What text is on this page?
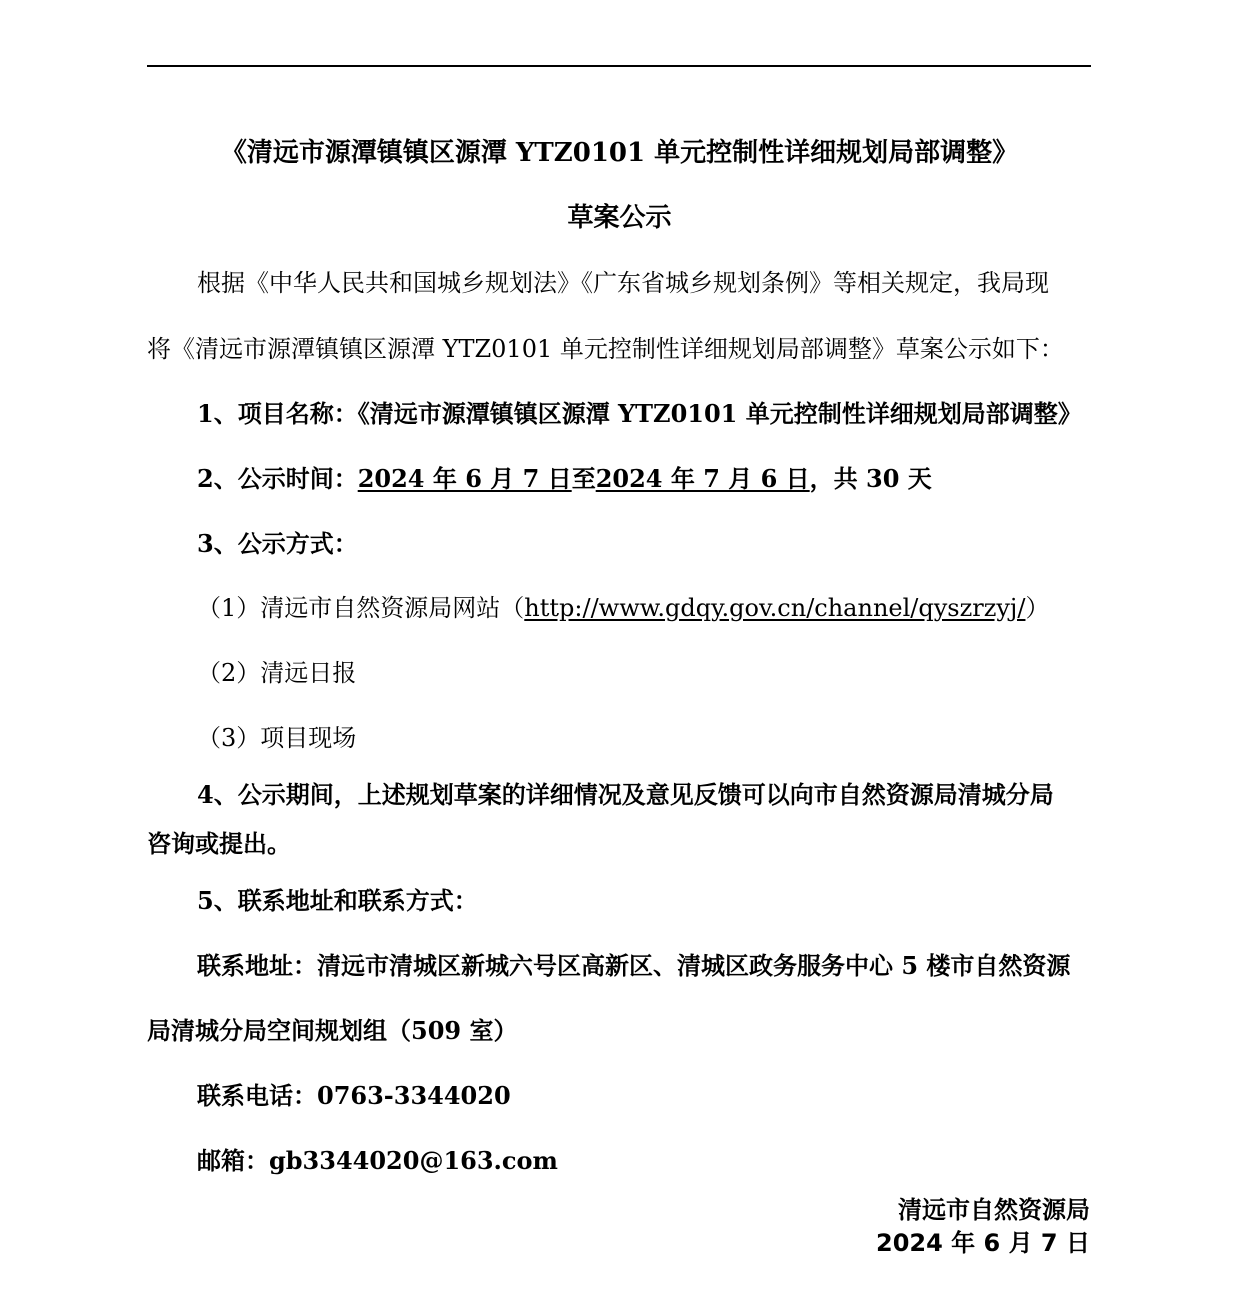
《清远市源潭镇镇区源潭 YTZ0101 单元控制性详细规划局部调整》
草案公示
根据《中华人民共和国城乡规划法》《广东省城乡规划条例》等相关规定，我局现
将《清远市源潭镇镇区源潭 YTZ0101 单元控制性详细规划局部调整》草案公示如下：
1、项目名称：《清远市源潭镇镇区源潭 YTZ0101 单元控制性详细规划局部调整》
2、公示时间：2024 年 6 月 7 日至2024 年 7 月 6 日，共 30 天
3、公示方式：
（1）清远市自然资源局网站（http://www.gdqy.gov.cn/channel/qyszrzyj/）
（2）清远日报
（3）项目现场
4、公示期间，上述规划草案的详细情况及意见反馈可以向市自然资源局清城分局
咨询或提出。
5、联系地址和联系方式：
联系地址：清远市清城区新城六号区高新区、清城区政务服务中心 5 楼市自然资源
局清城分局空间规划组（509 室）
联系电话：0763-3344020
邮箱：gb3344020@163.com
清远市自然资源局
2024 年 6 月 7 日
